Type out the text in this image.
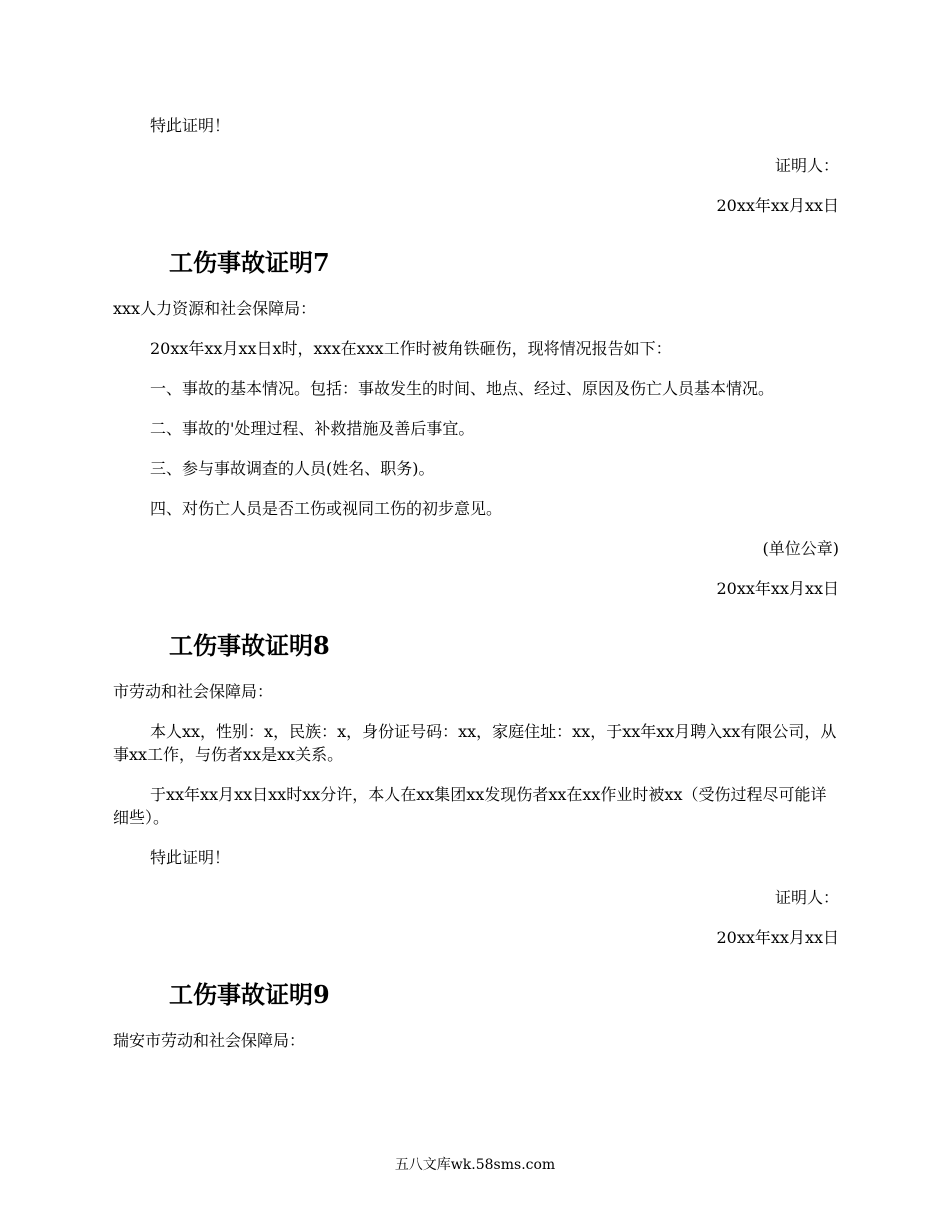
特此证明！

证明人：

20xx年xx月xx日

工伤事故证明7

xxx人力资源和社会保障局：

20xx年xx月xx日x时，xxx在xxx工作时被角铁砸伤，现将情况报告如下：

一、事故的基本情况。包括：事故发生的时间、地点、经过、原因及伤亡人员基本情况。

二、事故的'处理过程、补救措施及善后事宜。

三、参与事故调查的人员(姓名、职务)。

四、对伤亡人员是否工伤或视同工伤的初步意见。

(单位公章)

20xx年xx月xx日

工伤事故证明8

市劳动和社会保障局：

本人xx，性别：x，民族：x，身份证号码：xx，家庭住址：xx，于xx年xx月聘入xx有限公司，从事xx工作，与伤者xx是xx关系。

于xx年xx月xx日xx时xx分许，本人在xx集团xx发现伤者xx在xx作业时被xx（受伤过程尽可能详细些）。

特此证明！

证明人：

20xx年xx月xx日

工伤事故证明9

瑞安市劳动和社会保障局：

五八文库wk.58sms.com
